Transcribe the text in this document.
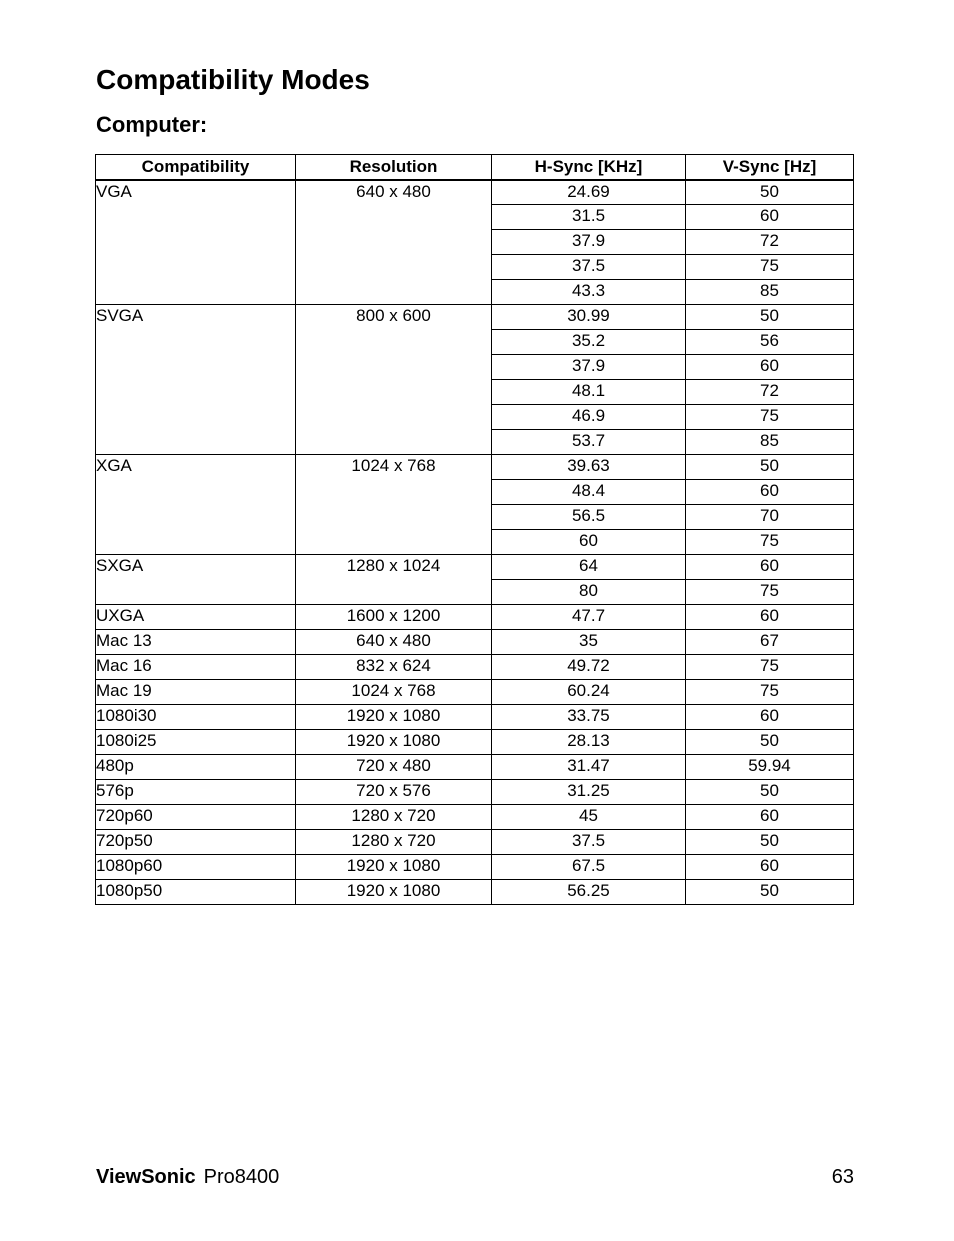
Compatibility Modes
Computer:
Compatibility	Resolution	H-Sync [KHz]	V-Sync [Hz]
VGA	640 x 480	24.69	50
		31.5	60
		37.9	72
		37.5	75
		43.3	85
SVGA	800 x 600	30.99	50
		35.2	56
		37.9	60
		48.1	72
		46.9	75
		53.7	85
XGA	1024 x 768	39.63	50
		48.4	60
		56.5	70
		60	75
SXGA	1280 x 1024	64	60
		80	75
UXGA	1600 x 1200	47.7	60
Mac 13	640 x 480	35	67
Mac 16	832 x 624	49.72	75
Mac 19	1024 x 768	60.24	75
1080i30	1920 x 1080	33.75	60
1080i25	1920 x 1080	28.13	50
480p	720 x 480	31.47	59.94
576p	720 x 576	31.25	50
720p60	1280 x 720	45	60
720p50	1280 x 720	37.5	50
1080p60	1920 x 1080	67.5	60
1080p50	1920 x 1080	56.25	50
ViewSonic Pro8400	63
